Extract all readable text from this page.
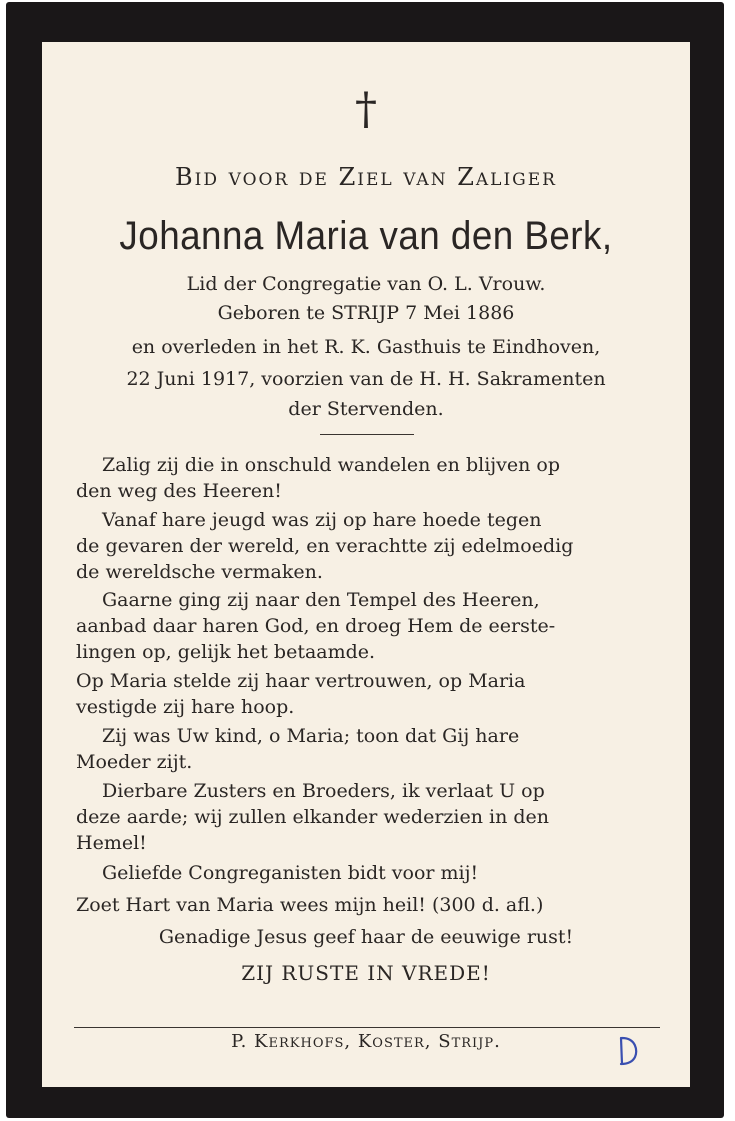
†
Bid voor de Ziel van Zaliger
Johanna Maria van den Berk,
Lid der Congregatie van O. L. Vrouw.
Geboren te STRIJP 7 Mei 1886
en overleden in het R. K. Gasthuis te Eindhoven,
22 Juni 1917, voorzien van de H. H. Sakramenten
der Stervenden.
Zalig zij die in onschuld wandelen en blijven op
den weg des Heeren!
Vanaf hare jeugd was zij op hare hoede tegen
de gevaren der wereld, en verachtte zij edelmoedig
de wereldsche vermaken.
Gaarne ging zij naar den Tempel des Heeren,
aanbad daar haren God, en droeg Hem de eerste-
lingen op, gelijk het betaamde.
Op Maria stelde zij haar vertrouwen, op Maria
vestigde zij hare hoop.
Zij was Uw kind, o Maria; toon dat Gij hare
Moeder zijt.
Dierbare Zusters en Broeders, ik verlaat U op
deze aarde; wij zullen elkander wederzien in den
Hemel!
Geliefde Congreganisten bidt voor mij!
Zoet Hart van Maria wees mijn heil! (300 d. afl.)
Genadige Jesus geef haar de eeuwige rust!
ZIJ RUSTE IN VREDE!
P. Kerkhofs, Koster, Strijp.
